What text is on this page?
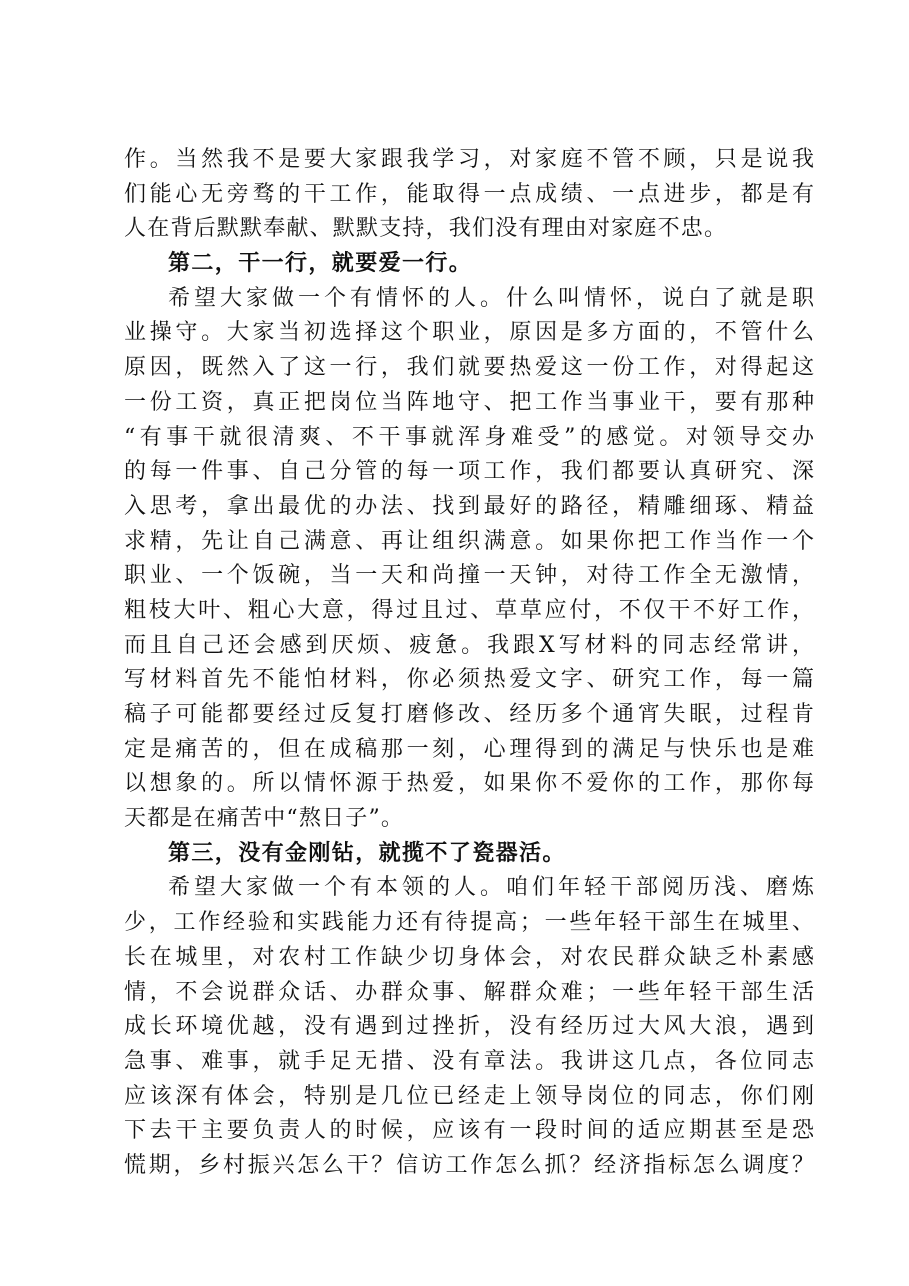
作。当然我不是要大家跟我学习，对家庭不管不顾，只是说我
们能心无旁骛的干工作，能取得一点成绩、一点进步，都是有
人在背后默默奉献、默默支持，我们没有理由对家庭不忠。
第二，干一行，就要爱一行。
希望大家做一个有情怀的人。什么叫情怀，说白了就是职
业操守。大家当初选择这个职业，原因是多方面的，不管什么
原因，既然入了这一行，我们就要热爱这一份工作，对得起这
一份工资，真正把岗位当阵地守、把工作当事业干，要有那种
“有事干就很清爽、不干事就浑身难受”的感觉。对领导交办
的每一件事、自己分管的每一项工作，我们都要认真研究、深
入思考，拿出最优的办法、找到最好的路径，精雕细琢、精益
求精，先让自己满意、再让组织满意。如果你把工作当作一个
职业、一个饭碗，当一天和尚撞一天钟，对待工作全无激情，
粗枝大叶、粗心大意，得过且过、草草应付，不仅干不好工作，
而且自己还会感到厌烦、疲惫。我跟X写材料的同志经常讲，
写材料首先不能怕材料，你必须热爱文字、研究工作，每一篇
稿子可能都要经过反复打磨修改、经历多个通宵失眠，过程肯
定是痛苦的，但在成稿那一刻，心理得到的满足与快乐也是难
以想象的。所以情怀源于热爱，如果你不爱你的工作，那你每
天都是在痛苦中“熬日子”。
第三，没有金刚钻，就揽不了瓷器活。
希望大家做一个有本领的人。咱们年轻干部阅历浅、磨炼
少，工作经验和实践能力还有待提高；一些年轻干部生在城里、
长在城里，对农村工作缺少切身体会，对农民群众缺乏朴素感
情，不会说群众话、办群众事、解群众难；一些年轻干部生活
成长环境优越，没有遇到过挫折，没有经历过大风大浪，遇到
急事、难事，就手足无措、没有章法。我讲这几点，各位同志
应该深有体会，特别是几位已经走上领导岗位的同志，你们刚
下去干主要负责人的时候，应该有一段时间的适应期甚至是恐
慌期，乡村振兴怎么干？信访工作怎么抓？经济指标怎么调度？
